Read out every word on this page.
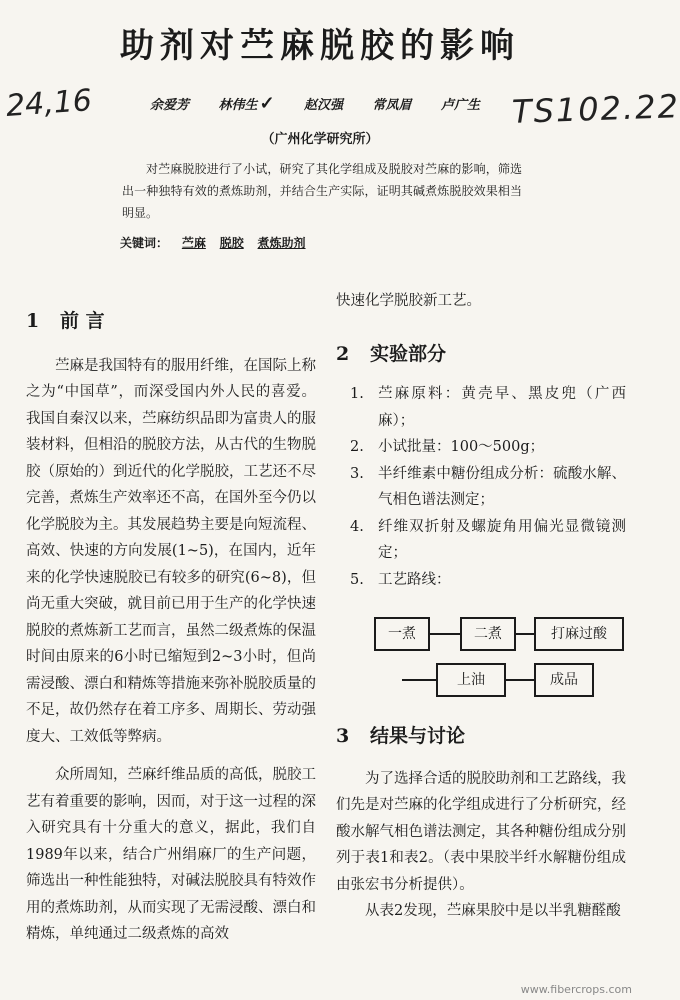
助剂对苎麻脱胶的影响
24,16	TS102.22
余爱芳 林伟生 ✓ 赵汉强 常凤眉 卢广生
（广州化学研究所）
对苎麻脱胶进行了小试，研究了其化学组成及脱胶对苎麻的影响，筛选出一种独特有效的煮炼助剂，并结合生产实际，证明其碱煮炼脱胶效果相当明显。
关键词： 苎麻 脱胶 煮炼助剂
1 前 言

苎麻是我国特有的服用纤维，在国际上称之为“中国草”，而深受国内外人民的喜爱。我国自秦汉以来，苎麻纺织品即为富贵人的服装材料，但相沿的脱胶方法，从古代的生物脱胶（原始的）到近代的化学脱胶，工艺还不尽完善，煮炼生产效率还不高，在国外至今仍以化学脱胶为主。其发展趋势主要是向短流程、高效、快速的方向发展(1~5)，在国内，近年来的化学快速脱胶已有较多的研究(6~8)，但尚无重大突破，就目前已用于生产的化学快速脱胶的煮炼新工艺而言，虽然二级煮炼的保温时间由原来的6小时已缩短到2~3小时，但尚需浸酸、漂白和精炼等措施来弥补脱胶质量的不足，故仍然存在着工序多、周期长、劳动强度大、工效低等弊病。

众所周知，苎麻纤维品质的高低，脱胶工艺有着重要的影响，因而，对于这一过程的深入研究具有十分重大的意义，据此，我们自1989年以来，结合广州绢麻厂的生产问题，筛选出一种性能独特，对碱法脱胶具有特效作用的煮炼助剂，从而实现了无需浸酸、漂白和精炼，单纯通过二级煮炼的高效

快速化学脱胶新工艺。
2 实验部分
1. 苎麻原料：黄壳早、黑皮兜（广西麻）；
2. 小试批量：100～500g；
3. 半纤维素中糖份组成分析：硫酸水解、气相色谱法测定；
4. 纤维双折射及螺旋角用偏光显微镜测定；
5. 工艺路线：
一煮	二煮	打麻过酸
上油	成品
3 结果与讨论

为了选择合适的脱胶助剂和工艺路线，我们先是对苎麻的化学组成进行了分析研究，经酸水解气相色谱法测定，其各种糖份组成分别列于表1和表2。（表中果胶半纤水解糖份组成由张宏书分析提供）。

从表2发现，苎麻果胶中是以半乳糖醛酸

www.fibercrops.com
